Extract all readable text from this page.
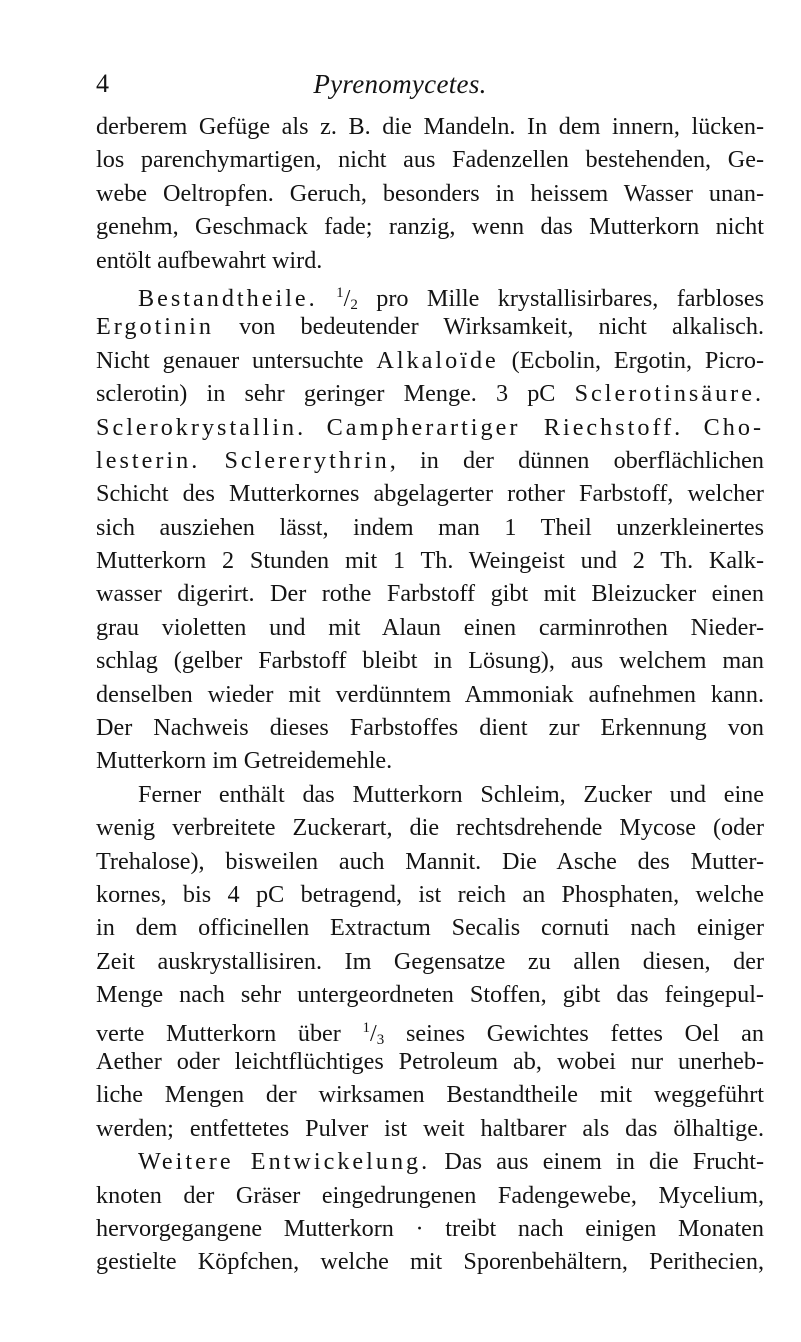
4	Pyrenomycetes.
derberem Gefüge als z. B. die Mandeln. In dem innern, lücken-
los parenchymartigen, nicht aus Fadenzellen bestehenden, Ge-
webe Oeltropfen. Geruch, besonders in heissem Wasser unan-
genehm, Geschmack fade; ranzig, wenn das Mutterkorn nicht
entölt aufbewahrt wird.
Bestandtheile. $^1/_2$ pro Mille krystallisirbares, farbloses
Ergotinin von bedeutender Wirksamkeit, nicht alkalisch.
Nicht genauer untersuchte Alkaloïde (Ecbolin, Ergotin, Picro-
sclerotin) in sehr geringer Menge. 3 pC Sclerotinsäure.
Sclerokrystallin. Campherartiger Riechstoff. Cho-
lesterin. Sclererythrin, in der dünnen oberflächlichen
Schicht des Mutterkornes abgelagerter rother Farbstoff, welcher
sich ausziehen lässt, indem man 1 Theil unzerkleinertes
Mutterkorn 2 Stunden mit 1 Th. Weingeist und 2 Th. Kalk-
wasser digerirt. Der rothe Farbstoff gibt mit Bleizucker einen
grau violetten und mit Alaun einen carminrothen Nieder-
schlag (gelber Farbstoff bleibt in Lösung), aus welchem man
denselben wieder mit verdünntem Ammoniak aufnehmen kann.
Der Nachweis dieses Farbstoffes dient zur Erkennung von
Mutterkorn im Getreidemehle.
Ferner enthält das Mutterkorn Schleim, Zucker und eine
wenig verbreitete Zuckerart, die rechtsdrehende Mycose (oder
Trehalose), bisweilen auch Mannit. Die Asche des Mutter-
kornes, bis 4 pC betragend, ist reich an Phosphaten, welche
in dem officinellen Extractum Secalis cornuti nach einiger
Zeit auskrystallisiren. Im Gegensatze zu allen diesen, der
Menge nach sehr untergeordneten Stoffen, gibt das feingepul-
verte Mutterkorn über $^1/_3$ seines Gewichtes fettes Oel an
Aether oder leichtflüchtiges Petroleum ab, wobei nur unerheb-
liche Mengen der wirksamen Bestandtheile mit weggeführt
werden; entfettetes Pulver ist weit haltbarer als das ölhaltige.
Weitere Entwickelung. Das aus einem in die Frucht-
knoten der Gräser eingedrungenen Fadengewebe, Mycelium,
hervorgegangene Mutterkorn · treibt nach einigen Monaten
gestielte Köpfchen, welche mit Sporenbehältern, Perithecien,
